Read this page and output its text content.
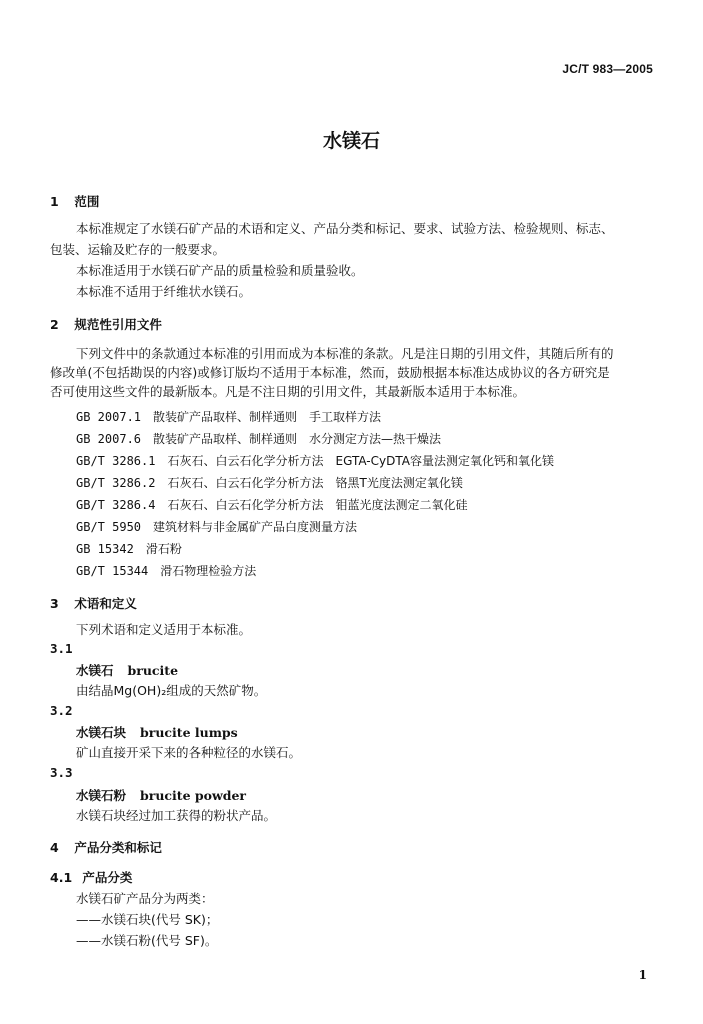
JC/T 983—2005
水镁石
1 范围
本标准规定了水镁石矿产品的术语和定义、产品分类和标记、要求、试验方法、检验规则、标志、
包装、运输及贮存的一般要求。
本标准适用于水镁石矿产品的质量检验和质量验收。
本标准不适用于纤维状水镁石。
2 规范性引用文件
下列文件中的条款通过本标准的引用而成为本标准的条款。凡是注日期的引用文件，其随后所有的
修改单(不包括勘误的内容)或修订版均不适用于本标准，然而，鼓励根据本标准达成协议的各方研究是
否可使用这些文件的最新版本。凡是不注日期的引用文件，其最新版本适用于本标准。
GB 2007.1　 散装矿产品取样、制样通则　手工取样方法
GB 2007.6　 散装矿产品取样、制样通则　水分测定方法—热干燥法
GB/T 3286.1　 石灰石、白云石化学分析方法　EGTA-CyDTA容量法测定氧化钙和氧化镁
GB/T 3286.2　 石灰石、白云石化学分析方法　铬黑T光度法测定氧化镁
GB/T 3286.4　 石灰石、白云石化学分析方法　钼蓝光度法测定二氧化硅
GB/T 5950　 建筑材料与非金属矿产品白度测量方法
GB 15342　 滑石粉
GB/T 15344　 滑石物理检验方法
3 术语和定义
下列术语和定义适用于本标准。
3.1
水镁石 brucite
由结晶Mg(OH)₂组成的天然矿物。
3.2
水镁石块 brucite lumps
矿山直接开采下来的各种粒径的水镁石。
3.3
水镁石粉 brucite powder
水镁石块经过加工获得的粉状产品。
4 产品分类和标记
4.1 产品分类
水镁石矿产品分为两类：
——水镁石块(代号 SK)；
——水镁石粉(代号 SF)。
1
